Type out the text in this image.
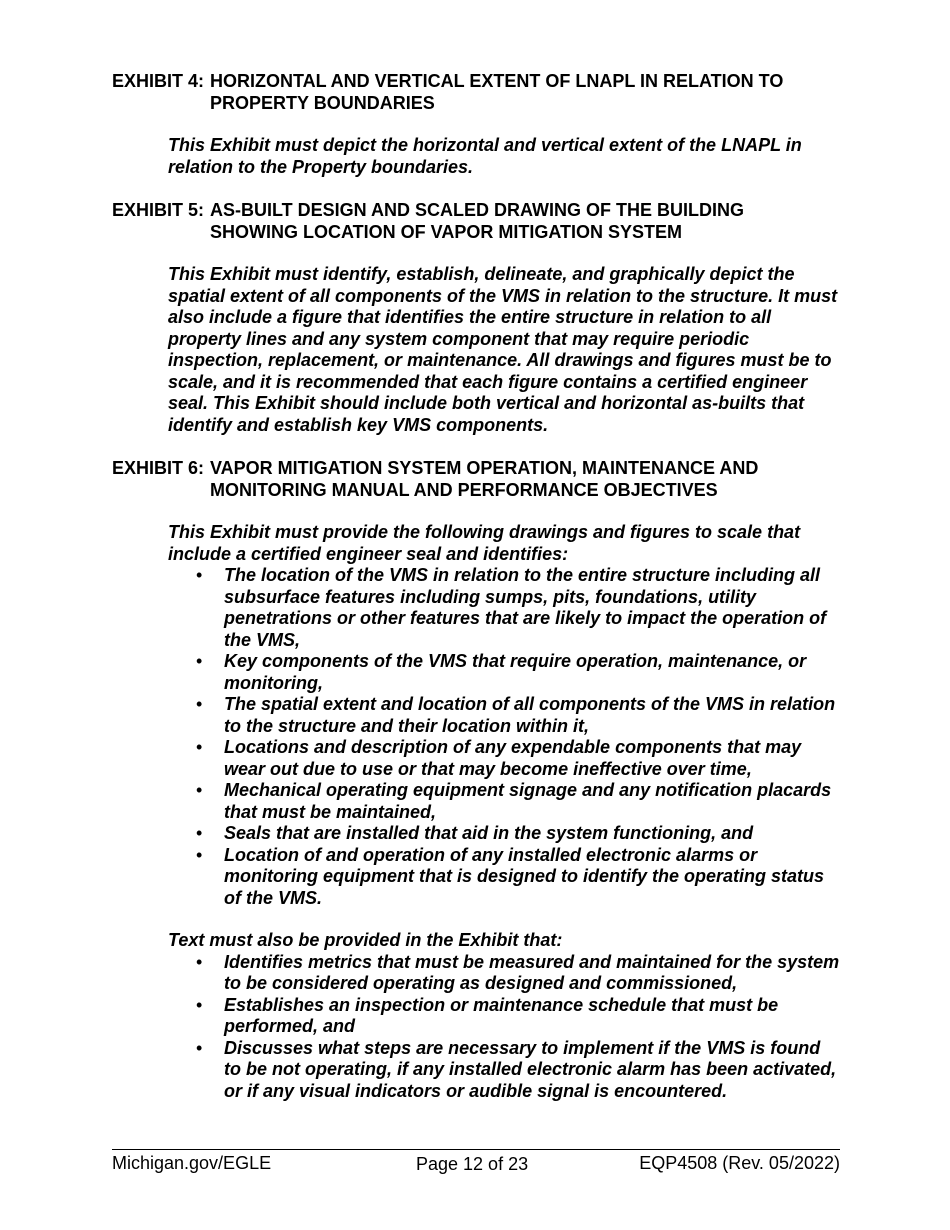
EXHIBIT 4: HORIZONTAL AND VERTICAL EXTENT OF LNAPL IN RELATION TO
PROPERTY BOUNDARIES

This Exhibit must depict the horizontal and vertical extent of the LNAPL in relation to the Property boundaries.

EXHIBIT 5: AS-BUILT DESIGN AND SCALED DRAWING OF THE BUILDING
SHOWING LOCATION OF VAPOR MITIGATION SYSTEM

This Exhibit must identify, establish, delineate, and graphically depict the spatial extent of all components of the VMS in relation to the structure. It must also include a figure that identifies the entire structure in relation to all property lines and any system component that may require periodic inspection, replacement, or maintenance. All drawings and figures must be to scale, and it is recommended that each figure contains a certified engineer seal. This Exhibit should include both vertical and horizontal as-builts that identify and establish key VMS components.

EXHIBIT 6: VAPOR MITIGATION SYSTEM OPERATION, MAINTENANCE AND
MONITORING MANUAL AND PERFORMANCE OBJECTIVES

This Exhibit must provide the following drawings and figures to scale that include a certified engineer seal and identifies:

• The location of the VMS in relation to the entire structure including all subsurface features including sumps, pits, foundations, utility penetrations or other features that are likely to impact the operation of the VMS,
• Key components of the VMS that require operation, maintenance, or monitoring,
• The spatial extent and location of all components of the VMS in relation to the structure and their location within it,
• Locations and description of any expendable components that may wear out due to use or that may become ineffective over time,
• Mechanical operating equipment signage and any notification placards that must be maintained,
• Seals that are installed that aid in the system functioning, and
• Location of and operation of any installed electronic alarms or monitoring equipment that is designed to identify the operating status of the VMS.

Text must also be provided in the Exhibit that:

• Identifies metrics that must be measured and maintained for the system to be considered operating as designed and commissioned,
• Establishes an inspection or maintenance schedule that must be performed, and
• Discusses what steps are necessary to implement if the VMS is found to be not operating, if any installed electronic alarm has been activated, or if any visual indicators or audible signal is encountered.
Michigan.gov/EGLE	Page 12 of 23	EQP4508 (Rev. 05/2022)
